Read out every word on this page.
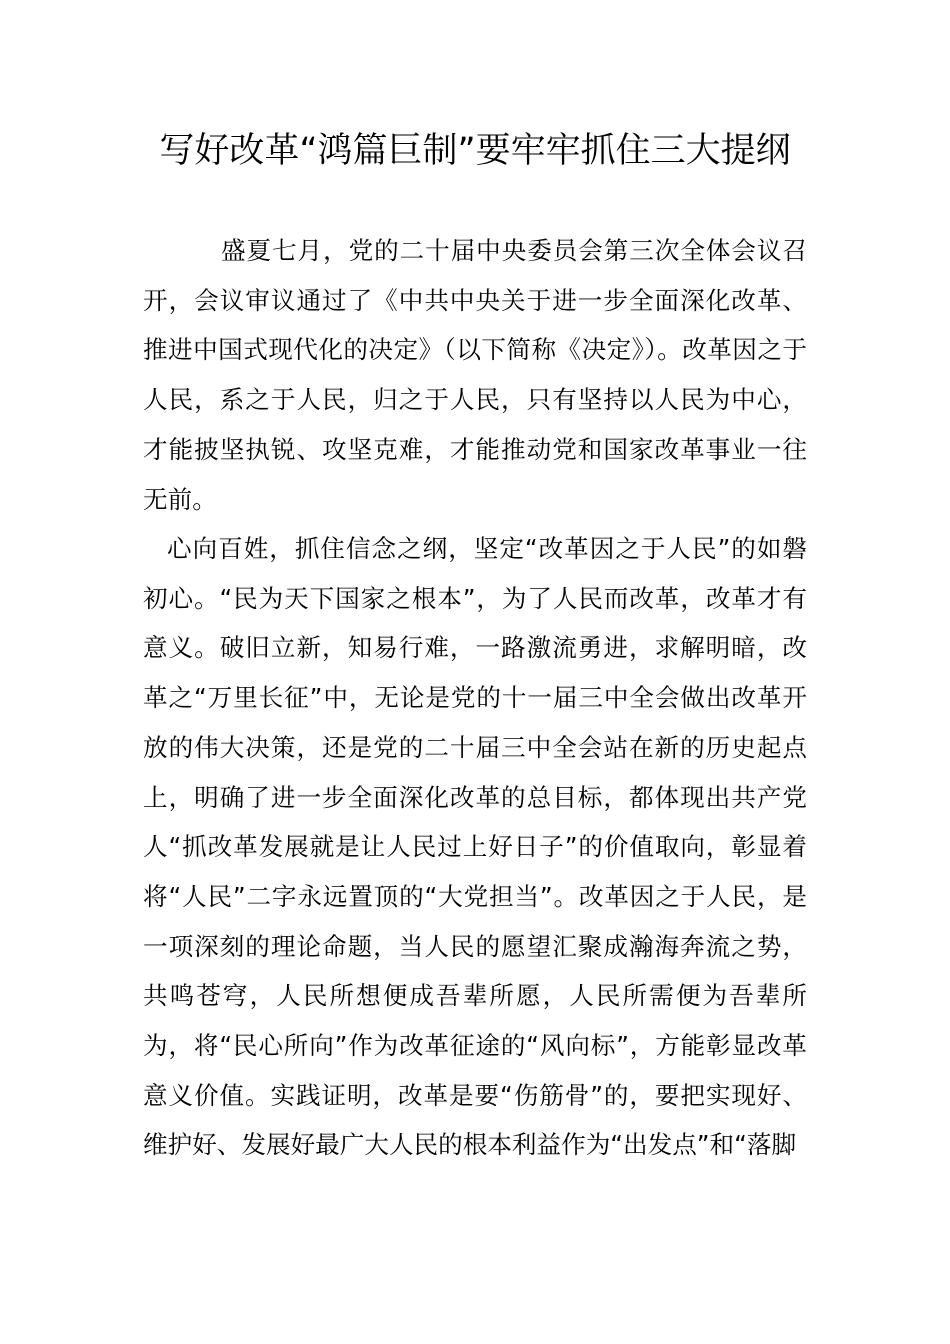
写好改革“鸿篇巨制”要牢牢抓住三大提纲

盛夏七月，党的二十届中央委员会第三次全体会议召开，会议审议通过了《中共中央关于进一步全面深化改革、推进中国式现代化的决定》（以下简称《决定》）。改革因之于人民，系之于人民，归之于人民，只有坚持以人民为中心，才能披坚执锐、攻坚克难，才能推动党和国家改革事业一往无前。

心向百姓，抓住信念之纲，坚定“改革因之于人民”的如磐初心。“民为天下国家之根本”，为了人民而改革，改革才有意义。破旧立新，知易行难，一路激流勇进，求解明暗，改革之“万里长征”中，无论是党的十一届三中全会做出改革开放的伟大决策，还是党的二十届三中全会站在新的历史起点上，明确了进一步全面深化改革的总目标，都体现出共产党人“抓改革发展就是让人民过上好日子”的价值取向，彰显着将“人民”二字永远置顶的“大党担当”。改革因之于人民，是一项深刻的理论命题，当人民的愿望汇聚成瀚海奔流之势，共鸣苍穹，人民所想便成吾辈所愿，人民所需便为吾辈所为，将“民心所向”作为改革征途的“风向标”，方能彰显改革意义价值。实践证明，改革是要“伤筋骨”的，要把实现好、维护好、发展好最广大人民的根本利益作为“出发点”和“落脚
